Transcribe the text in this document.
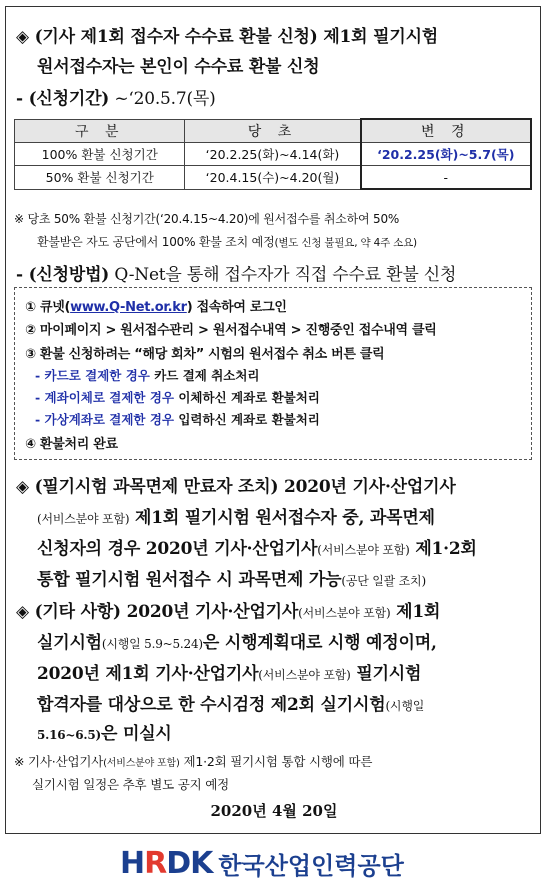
◈ (기사 제1회 접수자 수수료 환불 신청) 제1회 필기시험
원서접수자는 본인이 수수료 환불 신청
- (신청기간) ~‘20.5.7(목)
구 분	당 초	변 경
100% 환불 신청기간	‘20.2.25(화)~4.14(화)	‘20.2.25(화)~5.7(목)
50% 환불 신청기간	‘20.4.15(수)~4.20(월)	-
※ 당초 50% 환불 신청기간(‘20.4.15~4.20)에 원서접수를 취소하여 50%
환불받은 자도 공단에서 100% 환불 조치 예정(별도 신청 불필요, 약 4주 소요)
- (신청방법) Q-Net을 통해 접수자가 직접 수수료 환불 신청
① 큐넷(www.Q-Net.or.kr) 접속하여 로그인
② 마이페이지 > 원서접수관리 > 원서접수내역 > 진행중인 접수내역 클릭
③ 환불 신청하려는 “해당 회차” 시험의 원서접수 취소 버튼 클릭
- 카드로 결제한 경우 카드 결제 취소처리
- 계좌이체로 결제한 경우 이체하신 계좌로 환불처리
- 가상계좌로 결제한 경우 입력하신 계좌로 환불처리
④ 환불처리 완료
◈ (필기시험 과목면제 만료자 조치) 2020년 기사·산업기사
(서비스분야 포함) 제1회 필기시험 원서접수자 중, 과목면제
신청자의 경우 2020년 기사·산업기사(서비스분야 포함) 제1·2회
통합 필기시험 원서접수 시 과목면제 가능(공단 일괄 조치)
◈ (기타 사항) 2020년 기사·산업기사(서비스분야 포함) 제1회
실기시험(시행일 5.9~5.24)은 시행계획대로 시행 예정이며,
2020년 제1회 기사·산업기사(서비스분야 포함) 필기시험
합격자를 대상으로 한 수시검정 제2회 실기시험(시행일
5.16~6.5)은 미실시
※ 기사·산업기사(서비스분야 포함) 제1·2회 필기시험 통합 시행에 따른
실기시험 일정은 추후 별도 공지 예정
2020년 4월 20일
HRDK 한국산업인력공단
